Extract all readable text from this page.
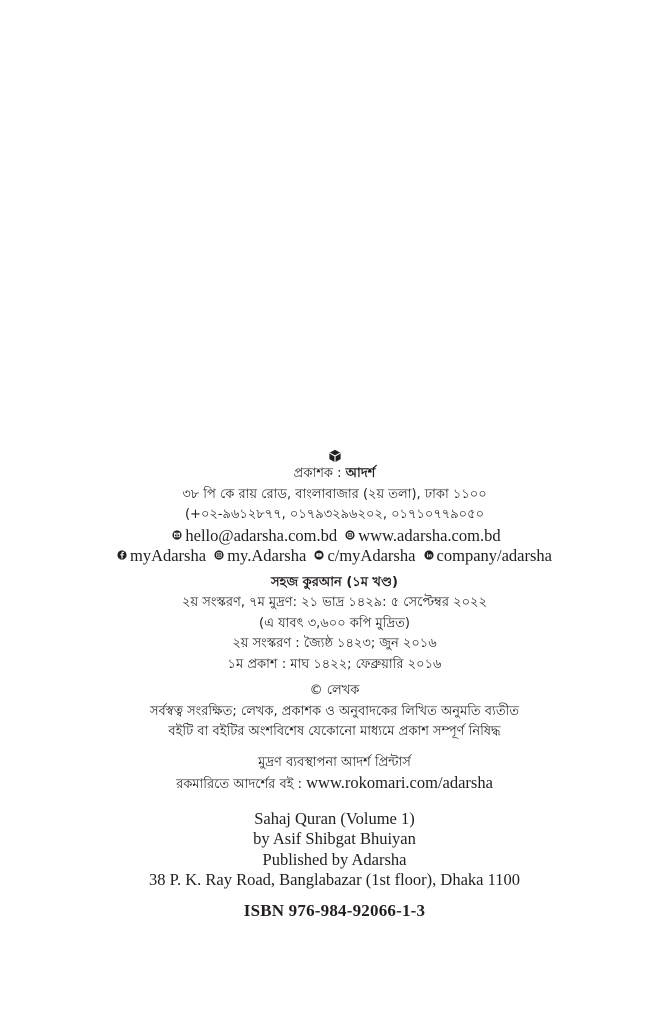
প্রকাশক : আদর্শ
৩৮ পি কে রায় রোড, বাংলাবাজার (২য় তলা), ঢাকা ১১০০
(+০২-৯৬১২৮৭৭, ০১৭৯৩২৯৬২০২, ০১৭১০৭৭৯০৫০
hello@adarsha.com.bd www.adarsha.com.bd
myAdarsha my.Adarsha c/myAdarsha company/adarsha
সহজ কুরআন (১ম খণ্ড)
২য় সংস্করণ, ৭ম মুদ্রণ: ২১ ভাদ্র ১৪২৯: ৫ সেপ্টেম্বর ২০২২
(এ যাবৎ ৩,৬০০ কপি মুদ্রিত)
২য় সংস্করণ : জ্যৈষ্ঠ ১৪২৩; জুন ২০১৬
১ম প্রকাশ : মাঘ ১৪২২; ফেব্রুয়ারি ২০১৬
© লেখক
সর্বস্বত্ব সংরক্ষিত; লেখক, প্রকাশক ও অনুবাদকের লিখিত অনুমতি ব্যতীত
বইটি বা বইটির অংশবিশেষ যেকোনো মাধ্যমে প্রকাশ সম্পূর্ণ নিষিদ্ধ
মুদ্রণ ব্যবস্থাপনা আদর্শ প্রিন্টার্স
রকমারিতে আদর্শের বই : www.rokomari.com/adarsha
Sahaj Quran (Volume 1)
by Asif Shibgat Bhuiyan
Published by Adarsha
38 P. K. Ray Road, Banglabazar (1st floor), Dhaka 1100
ISBN 976-984-92066-1-3
